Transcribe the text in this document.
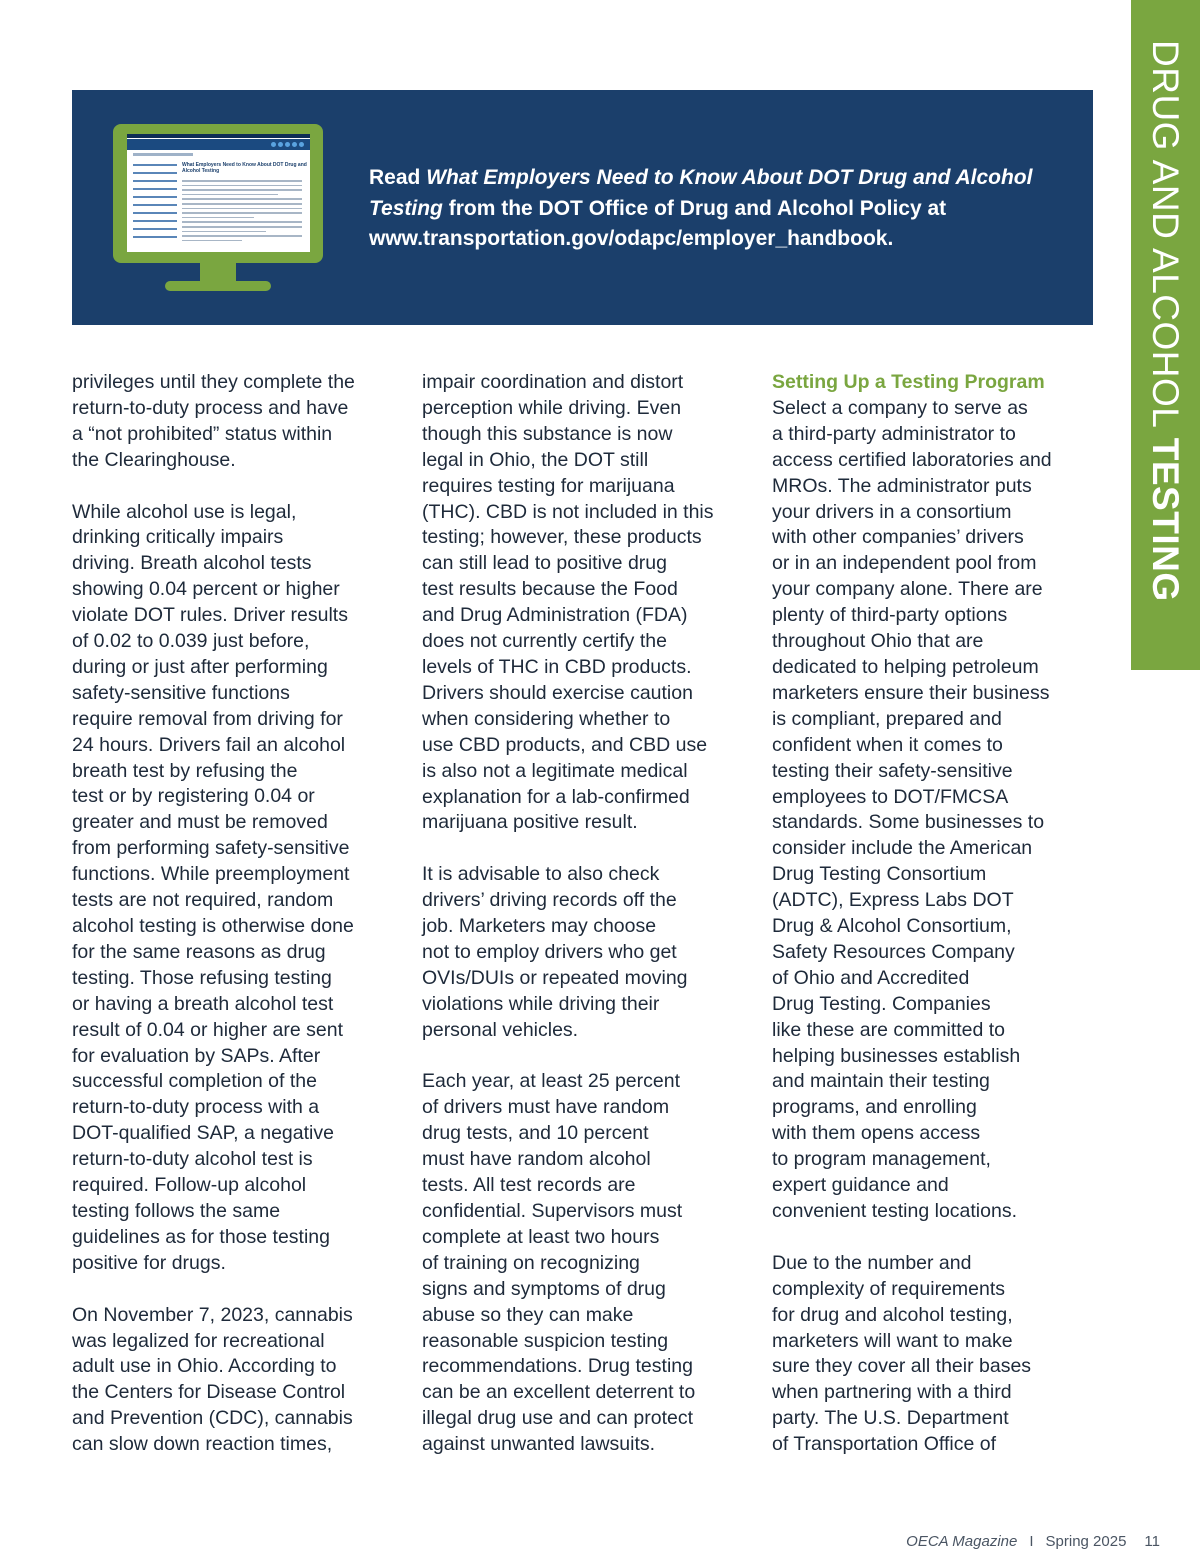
DRUG AND ALCOHOL TESTING
What Employers Need to Know About DOT Drug and Alcohol Testing	Read What Employers Need to Know About DOT Drug and Alcohol Testing from the DOT Office of Drug and Alcohol Policy at www.transportation.gov/odapc/employer_handbook.

privileges until they complete the
return-to-duty process and have
a “not prohibited” status within
the Clearinghouse.

While alcohol use is legal,
drinking critically impairs
driving. Breath alcohol tests
showing 0.04 percent or higher
violate DOT rules. Driver results
of 0.02 to 0.039 just before,
during or just after performing
safety-sensitive functions
require removal from driving for
24 hours. Drivers fail an alcohol
breath test by refusing the
test or by registering 0.04 or
greater and must be removed
from performing safety-sensitive
functions. While preemployment
tests are not required, random
alcohol testing is otherwise done
for the same reasons as drug
testing. Those refusing testing
or having a breath alcohol test
result of 0.04 or higher are sent
for evaluation by SAPs. After
successful completion of the
return-to-duty process with a
DOT-qualified SAP, a negative
return-to-duty alcohol test is
required. Follow-up alcohol
testing follows the same
guidelines as for those testing
positive for drugs.

On November 7, 2023, cannabis
was legalized for recreational
adult use in Ohio. According to
the Centers for Disease Control
and Prevention (CDC), cannabis
can slow down reaction times,

impair coordination and distort
perception while driving. Even
though this substance is now
legal in Ohio, the DOT still
requires testing for marijuana
(THC). CBD is not included in this
testing; however, these products
can still lead to positive drug
test results because the Food
and Drug Administration (FDA)
does not currently certify the
levels of THC in CBD products.
Drivers should exercise caution
when considering whether to
use CBD products, and CBD use
is also not a legitimate medical
explanation for a lab-confirmed
marijuana positive result.

It is advisable to also check
drivers’ driving records off the
job. Marketers may choose
not to employ drivers who get
OVIs/DUIs or repeated moving
violations while driving their
personal vehicles.

Each year, at least 25 percent
of drivers must have random
drug tests, and 10 percent
must have random alcohol
tests. All test records are
confidential. Supervisors must
complete at least two hours
of training on recognizing
signs and symptoms of drug
abuse so they can make
reasonable suspicion testing
recommendations. Drug testing
can be an excellent deterrent to
illegal drug use and can protect
against unwanted lawsuits.

Setting Up a Testing Program

Select a company to serve as
a third-party administrator to
access certified laboratories and
MROs. The administrator puts
your drivers in a consortium
with other companies’ drivers
or in an independent pool from
your company alone. There are
plenty of third-party options
throughout Ohio that are
dedicated to helping petroleum
marketers ensure their business
is compliant, prepared and
confident when it comes to
testing their safety-sensitive
employees to DOT/FMCSA
standards. Some businesses to
consider include the American
Drug Testing Consortium
(ADTC), Express Labs DOT
Drug & Alcohol Consortium,
Safety Resources Company
of Ohio and Accredited
Drug Testing. Companies
like these are committed to
helping businesses establish
and maintain their testing
programs, and enrolling
with them opens access
to program management,
expert guidance and
convenient testing locations.

Due to the number and
complexity of requirements
for drug and alcohol testing,
marketers will want to make
sure they cover all their bases
when partnering with a third
party. The U.S. Department
of Transportation Office of

OECA Magazine I Spring 2025 11
